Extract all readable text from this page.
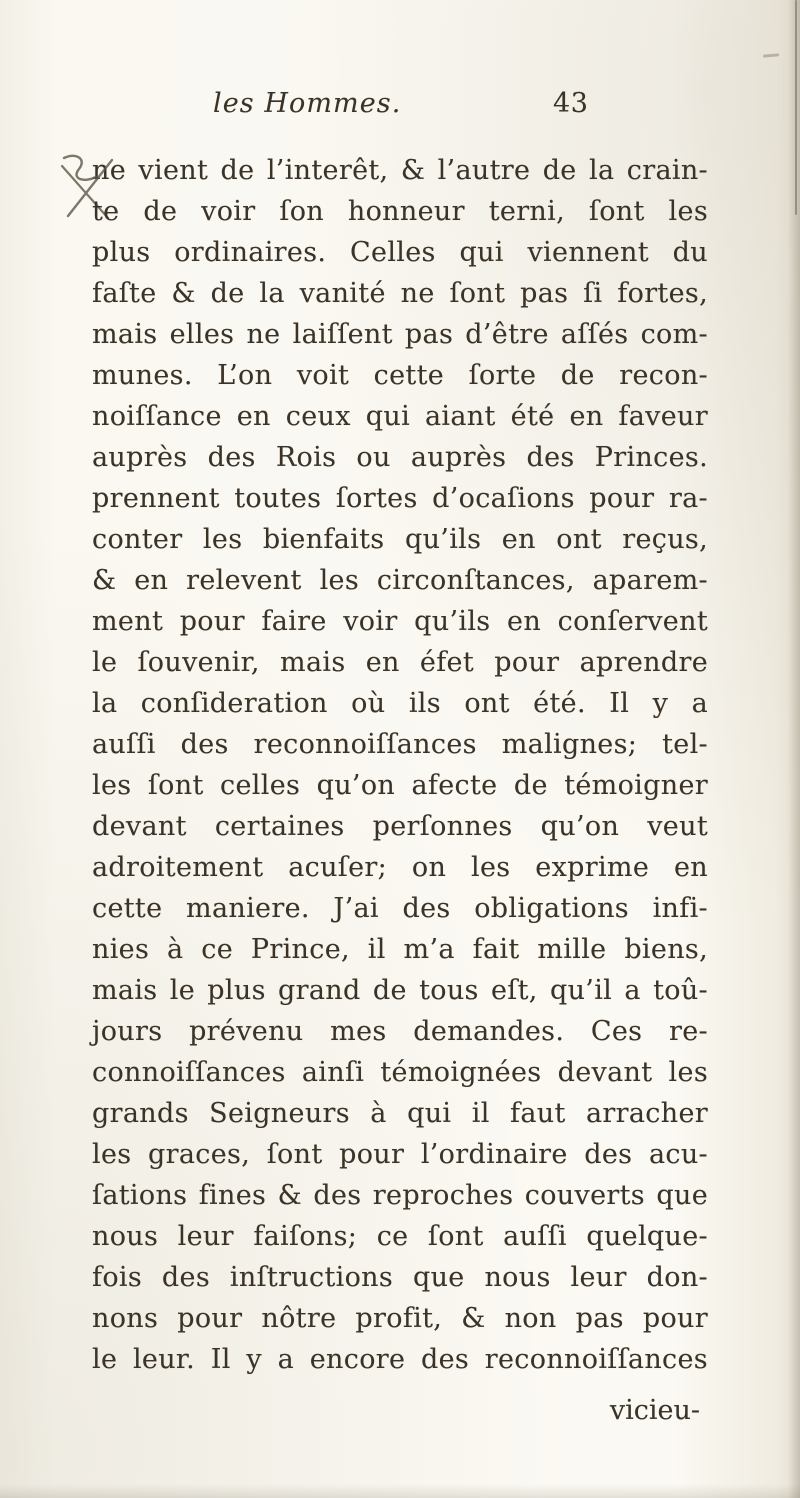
les Hommes.	43
ne vient de l’interêt, & l’autre de la crain-
te de voir ſon honneur terni, ſont les
plus ordinaires. Celles qui viennent du
faſte & de la vanité ne ſont pas ſi fortes,
mais elles ne laiſſent pas d’être aſſés com-
munes. L’on voit cette ſorte de recon-
noiſſance en ceux qui aiant été en faveur
auprès des Rois ou auprès des Princes.
prennent toutes ſortes d’ocaſions pour ra-
conter les bienfaits qu’ils en ont reçus,
& en relevent les circonſtances, aparem-
ment pour faire voir qu’ils en conſervent
le ſouvenir, mais en éfet pour aprendre
la conſideration où ils ont été. Il y a
auſſi des reconnoiſſances malignes; tel-
les ſont celles qu’on afecte de témoigner
devant certaines perſonnes qu’on veut
adroitement acuſer; on les exprime en
cette maniere. J’ai des obligations infi-
nies à ce Prince, il m’a fait mille biens,
mais le plus grand de tous eſt, qu’il a toû-
jours prévenu mes demandes. Ces re-
connoiſſances ainſi témoignées devant les
grands Seigneurs à qui il faut arracher
les graces, ſont pour l’ordinaire des acu-
ſations fines & des reproches couverts que
nous leur faiſons; ce ſont auſſi quelque-
fois des inſtructions que nous leur don-
nons pour nôtre profit, & non pas pour
le leur. Il y a encore des reconnoiſſances
vicieu-
